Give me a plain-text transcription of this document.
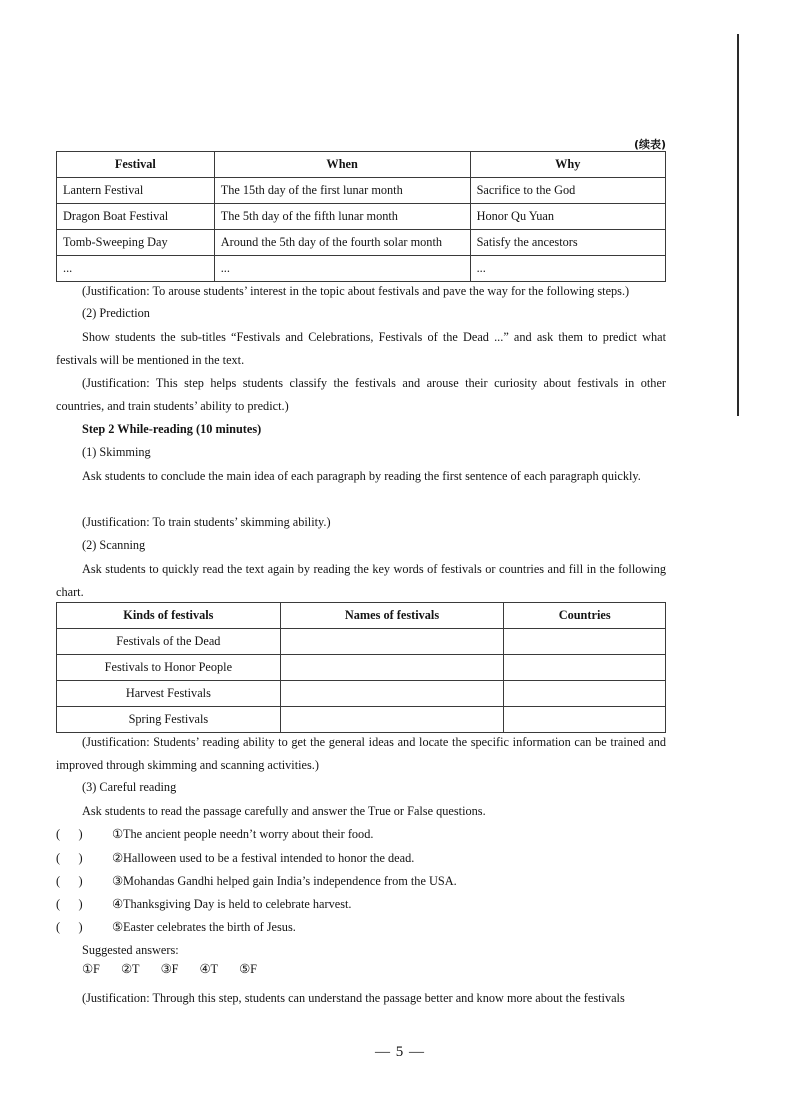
(续表)
Festival	When	Why
Lantern Festival	The 15th day of the first lunar month	Sacrifice to the God
Dragon Boat Festival	The 5th day of the fifth lunar month	Honor Qu Yuan
Tomb-Sweeping Day	Around the 5th day of the fourth solar month	Satisfy the ancestors
...	...	...

(Justification: To arouse students’ interest in the topic about festivals and pave the way for the following steps.)

(2) Prediction

Show students the sub-titles “Festivals and Celebrations, Festivals of the Dead ...” and ask them to predict what festivals will be mentioned in the text.

(Justification: This step helps students classify the festivals and arouse their curiosity about festivals in other countries, and train students’ ability to predict.)

Step 2 While-reading (10 minutes)

(1) Skimming

Ask students to conclude the main idea of each paragraph by reading the first sentence of each paragraph quickly.

(Justification: To train students’ skimming ability.)

(2) Scanning

Ask students to quickly read the text again by reading the key words of festivals or countries and fill in the following chart.

Kinds of festivals	Names of festivals	Countries
Festivals of the Dead		
Festivals to Honor People		
Harvest Festivals		
Spring Festivals		

(Justification: Students’ reading ability to get the general ideas and locate the specific information can be trained and improved through skimming and scanning activities.)

(3) Careful reading

Ask students to read the passage carefully and answer the True or False questions.

(      ) ①The ancient people needn’t worry about their food.
(      ) ②Halloween used to be a festival intended to honor the dead.
(      ) ③Mohandas Gandhi helped gain India’s independence from the USA.
(      ) ④Thanksgiving Day is held to celebrate harvest.
(      ) ⑤Easter celebrates the birth of Jesus.

Suggested answers:

①F ②T ③F ④T ⑤F

(Justification: Through this step, students can understand the passage better and know more about the festivals

— 5 —
